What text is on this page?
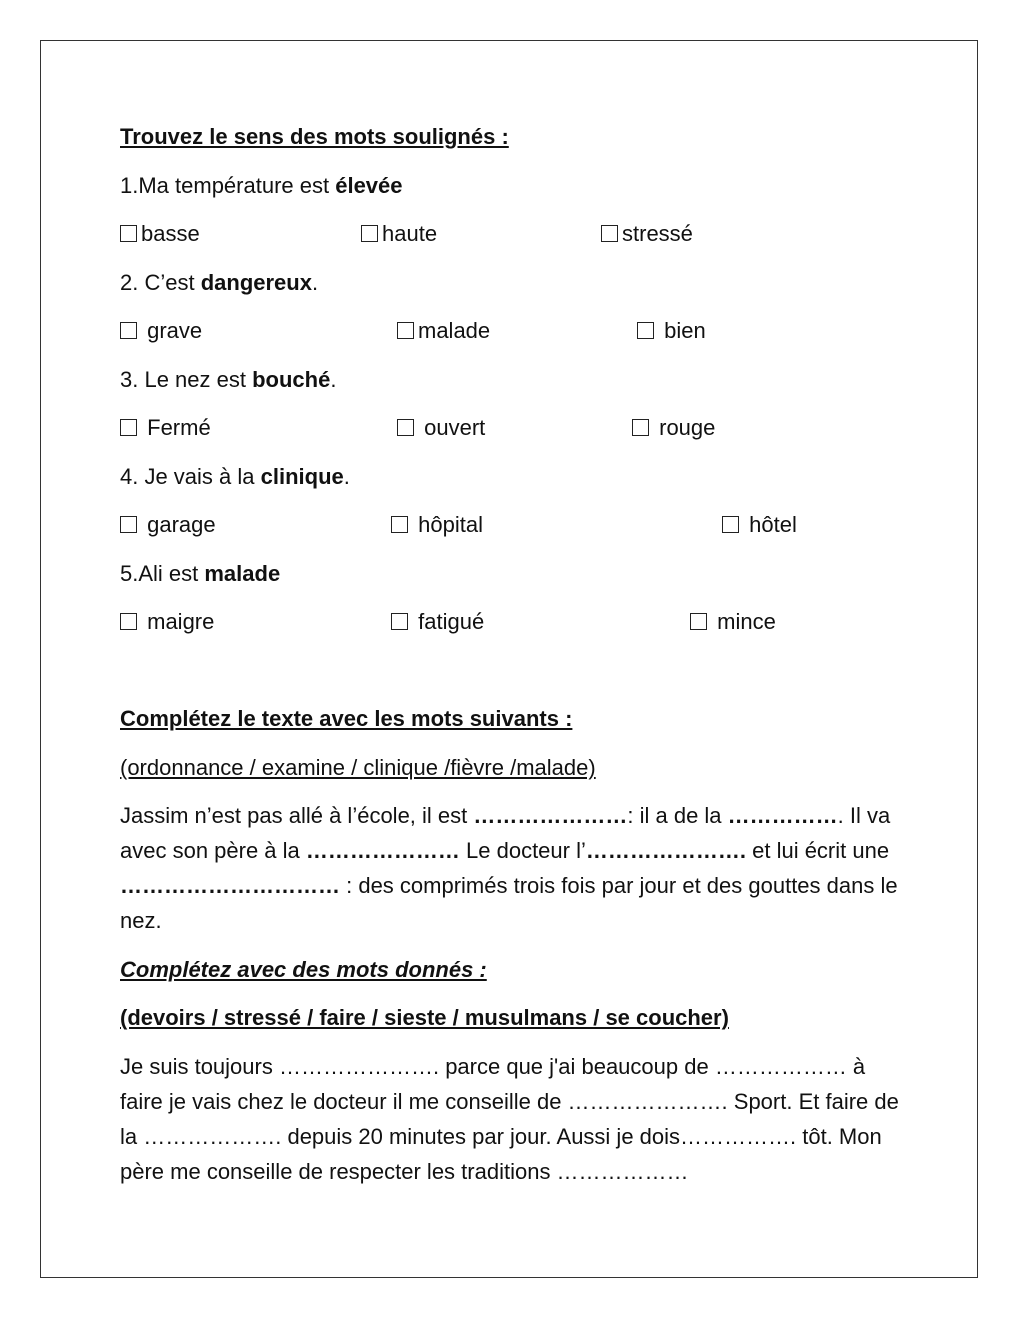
Trouvez le sens des mots soulignés :
1.Ma température est élevée
basse	haute	stressé
2. C’est dangereux.
grave	malade	bien
3. Le nez est bouché.
Fermé	ouvert	rouge
4. Je vais à la clinique.
garage	hôpital	hôtel
5.Ali est malade
maigre	fatigué	mince
Complétez le texte avec les mots suivants :
(ordonnance / examine / clinique /fièvre /malade)
Jassim n’est pas allé à l’école, il est …………………: il a de la ……………. Il va avec son père à la ………………… Le docteur l’…………………. et lui écrit une ………………………… : des comprimés trois fois par jour et des gouttes dans le nez.
Complétez avec des mots donnés :
(devoirs / stressé / faire / sieste / musulmans / se coucher)
Je suis toujours …………………. parce que j'ai beaucoup de ……………… à faire je vais chez le docteur il me conseille de …………………. Sport. Et faire de la ………………. depuis 20 minutes par jour. Aussi je dois……………. tôt. Mon père me conseille de respecter les traditions ………………
